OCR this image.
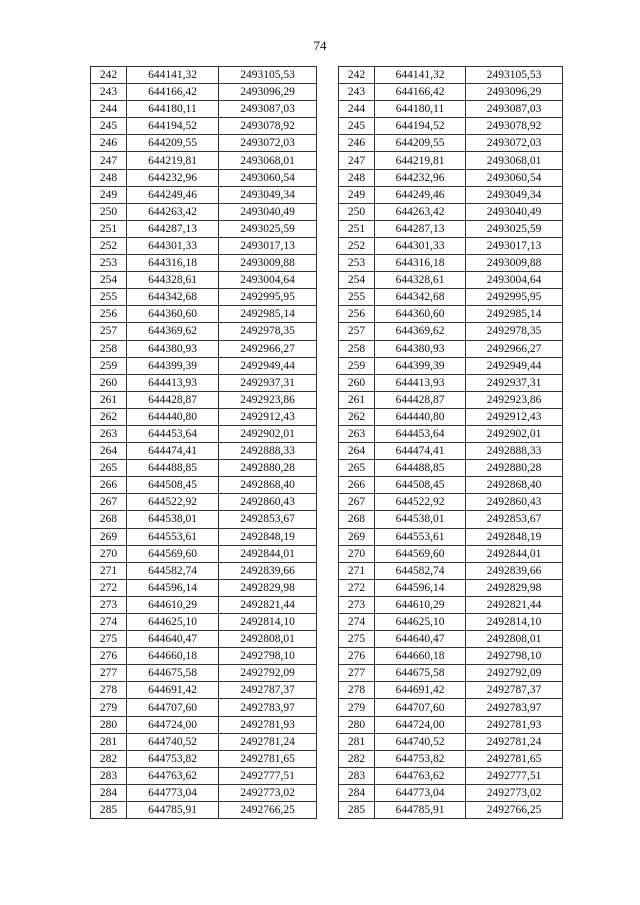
74
242	644141,32	2493105,53
243	644166,42	2493096,29
244	644180,11	2493087,03
245	644194,52	2493078,92
246	644209,55	2493072,03
247	644219,81	2493068,01
248	644232,96	2493060,54
249	644249,46	2493049,34
250	644263,42	2493040,49
251	644287,13	2493025,59
252	644301,33	2493017,13
253	644316,18	2493009,88
254	644328,61	2493004,64
255	644342,68	2492995,95
256	644360,60	2492985,14
257	644369,62	2492978,35
258	644380,93	2492966,27
259	644399,39	2492949,44
260	644413,93	2492937,31
261	644428,87	2492923,86
262	644440,80	2492912,43
263	644453,64	2492902,01
264	644474,41	2492888,33
265	644488,85	2492880,28
266	644508,45	2492868,40
267	644522,92	2492860,43
268	644538,01	2492853,67
269	644553,61	2492848,19
270	644569,60	2492844,01
271	644582,74	2492839,66
272	644596,14	2492829,98
273	644610,29	2492821,44
274	644625,10	2492814,10
275	644640,47	2492808,01
276	644660,18	2492798,10
277	644675,58	2492792,09
278	644691,42	2492787,37
279	644707,60	2492783,97
280	644724,00	2492781,93
281	644740,52	2492781,24
282	644753,82	2492781,65
283	644763,62	2492777,51
284	644773,04	2492773,02
285	644785,91	2492766,25
242	644141,32	2493105,53
243	644166,42	2493096,29
244	644180,11	2493087,03
245	644194,52	2493078,92
246	644209,55	2493072,03
247	644219,81	2493068,01
248	644232,96	2493060,54
249	644249,46	2493049,34
250	644263,42	2493040,49
251	644287,13	2493025,59
252	644301,33	2493017,13
253	644316,18	2493009,88
254	644328,61	2493004,64
255	644342,68	2492995,95
256	644360,60	2492985,14
257	644369,62	2492978,35
258	644380,93	2492966,27
259	644399,39	2492949,44
260	644413,93	2492937,31
261	644428,87	2492923,86
262	644440,80	2492912,43
263	644453,64	2492902,01
264	644474,41	2492888,33
265	644488,85	2492880,28
266	644508,45	2492868,40
267	644522,92	2492860,43
268	644538,01	2492853,67
269	644553,61	2492848,19
270	644569,60	2492844,01
271	644582,74	2492839,66
272	644596,14	2492829,98
273	644610,29	2492821,44
274	644625,10	2492814,10
275	644640,47	2492808,01
276	644660,18	2492798,10
277	644675,58	2492792,09
278	644691,42	2492787,37
279	644707,60	2492783,97
280	644724,00	2492781,93
281	644740,52	2492781,24
282	644753,82	2492781,65
283	644763,62	2492777,51
284	644773,04	2492773,02
285	644785,91	2492766,25
